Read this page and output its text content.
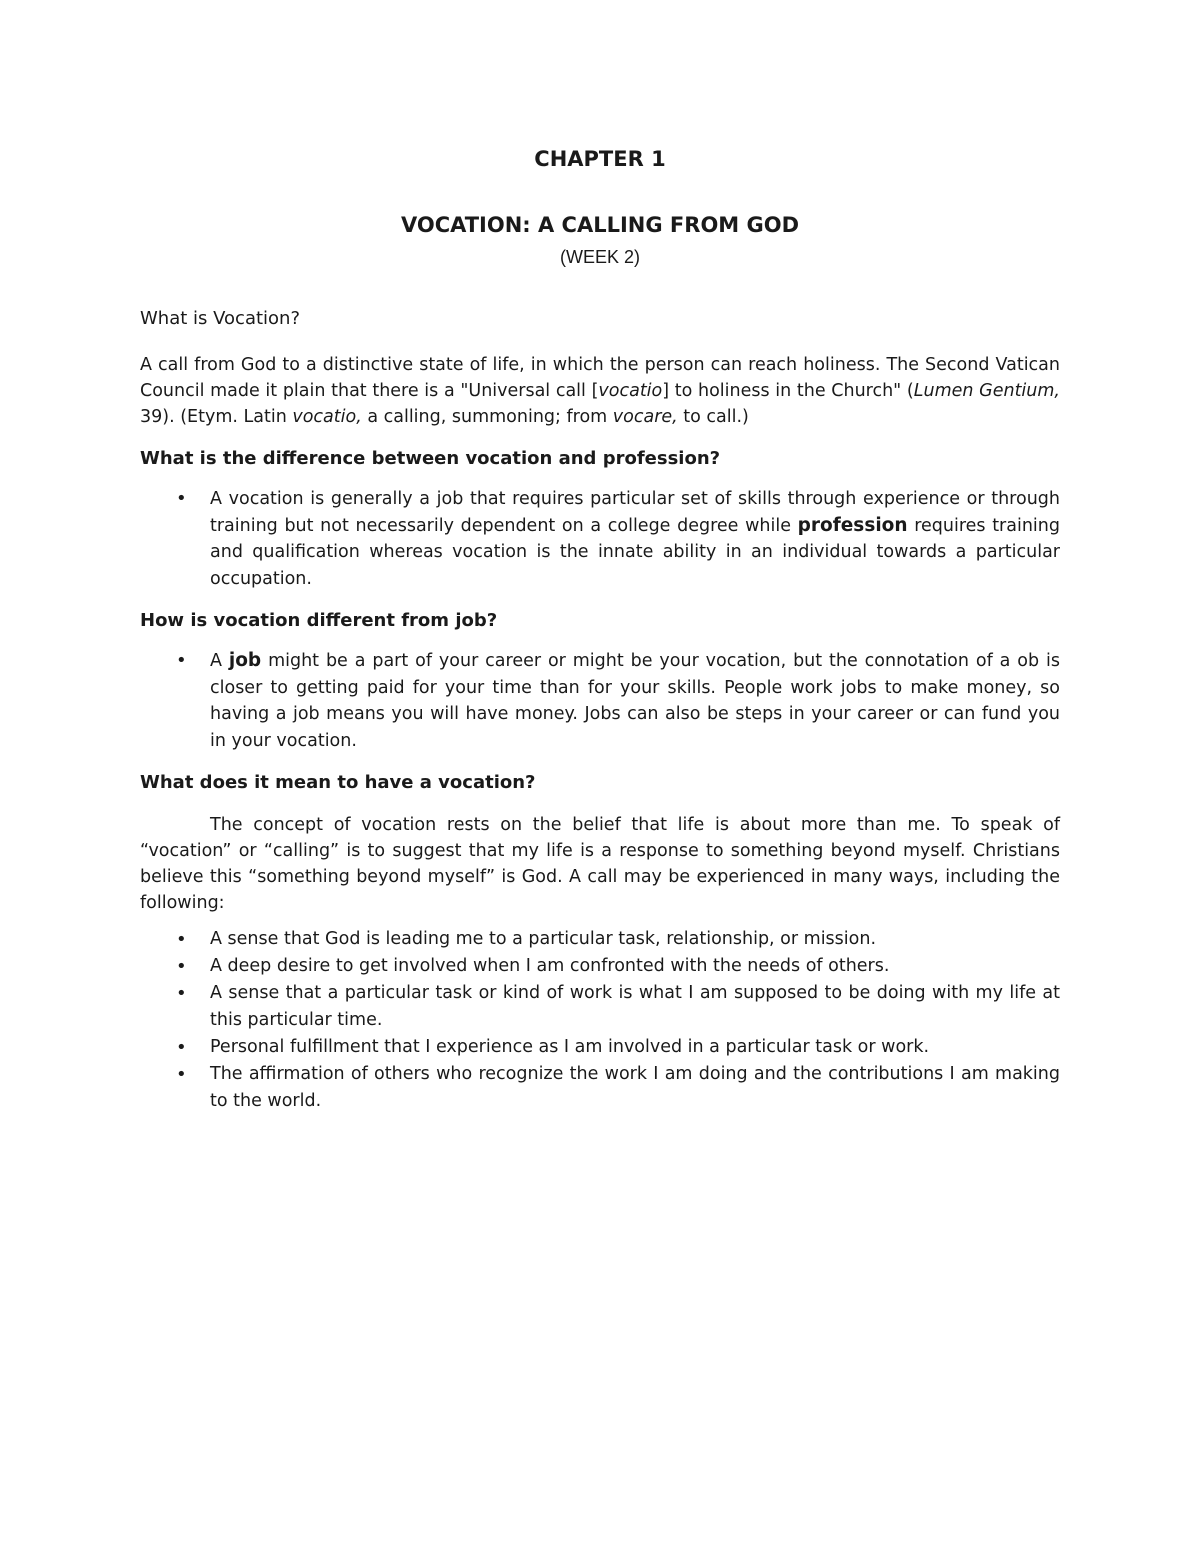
CHAPTER 1
VOCATION: A CALLING FROM GOD
(WEEK 2)
What is Vocation?

A call from God to a distinctive state of life, in which the person can reach holiness. The Second Vatican Council made it plain that there is a "Universal call [vocatio] to holiness in the Church" (Lumen Gentium, 39). (Etym. Latin vocatio, a calling, summoning; from vocare, to call.)

What is the difference between vocation and profession?
• A vocation is generally a job that requires particular set of skills through experience or through training but not necessarily dependent on a college degree while profession requires training and qualification whereas vocation is the innate ability in an individual towards a particular occupation.
How is vocation different from job?
• A job might be a part of your career or might be your vocation, but the connotation of a ob is closer to getting paid for your time than for your skills. People work jobs to make money, so having a job means you will have money. Jobs can also be steps in your career or can fund you in your vocation.
What does it mean to have a vocation?

The concept of vocation rests on the belief that life is about more than me. To speak of “vocation” or “calling” is to suggest that my life is a response to something beyond myself. Christians believe this “something beyond myself” is God. A call may be experienced in many ways, including the following:

• A sense that God is leading me to a particular task, relationship, or mission.
• A deep desire to get involved when I am confronted with the needs of others.
• A sense that a particular task or kind of work is what I am supposed to be doing with my life at this particular time.
• Personal fulfillment that I experience as I am involved in a particular task or work.
• The affirmation of others who recognize the work I am doing and the contributions I am making to the world.
